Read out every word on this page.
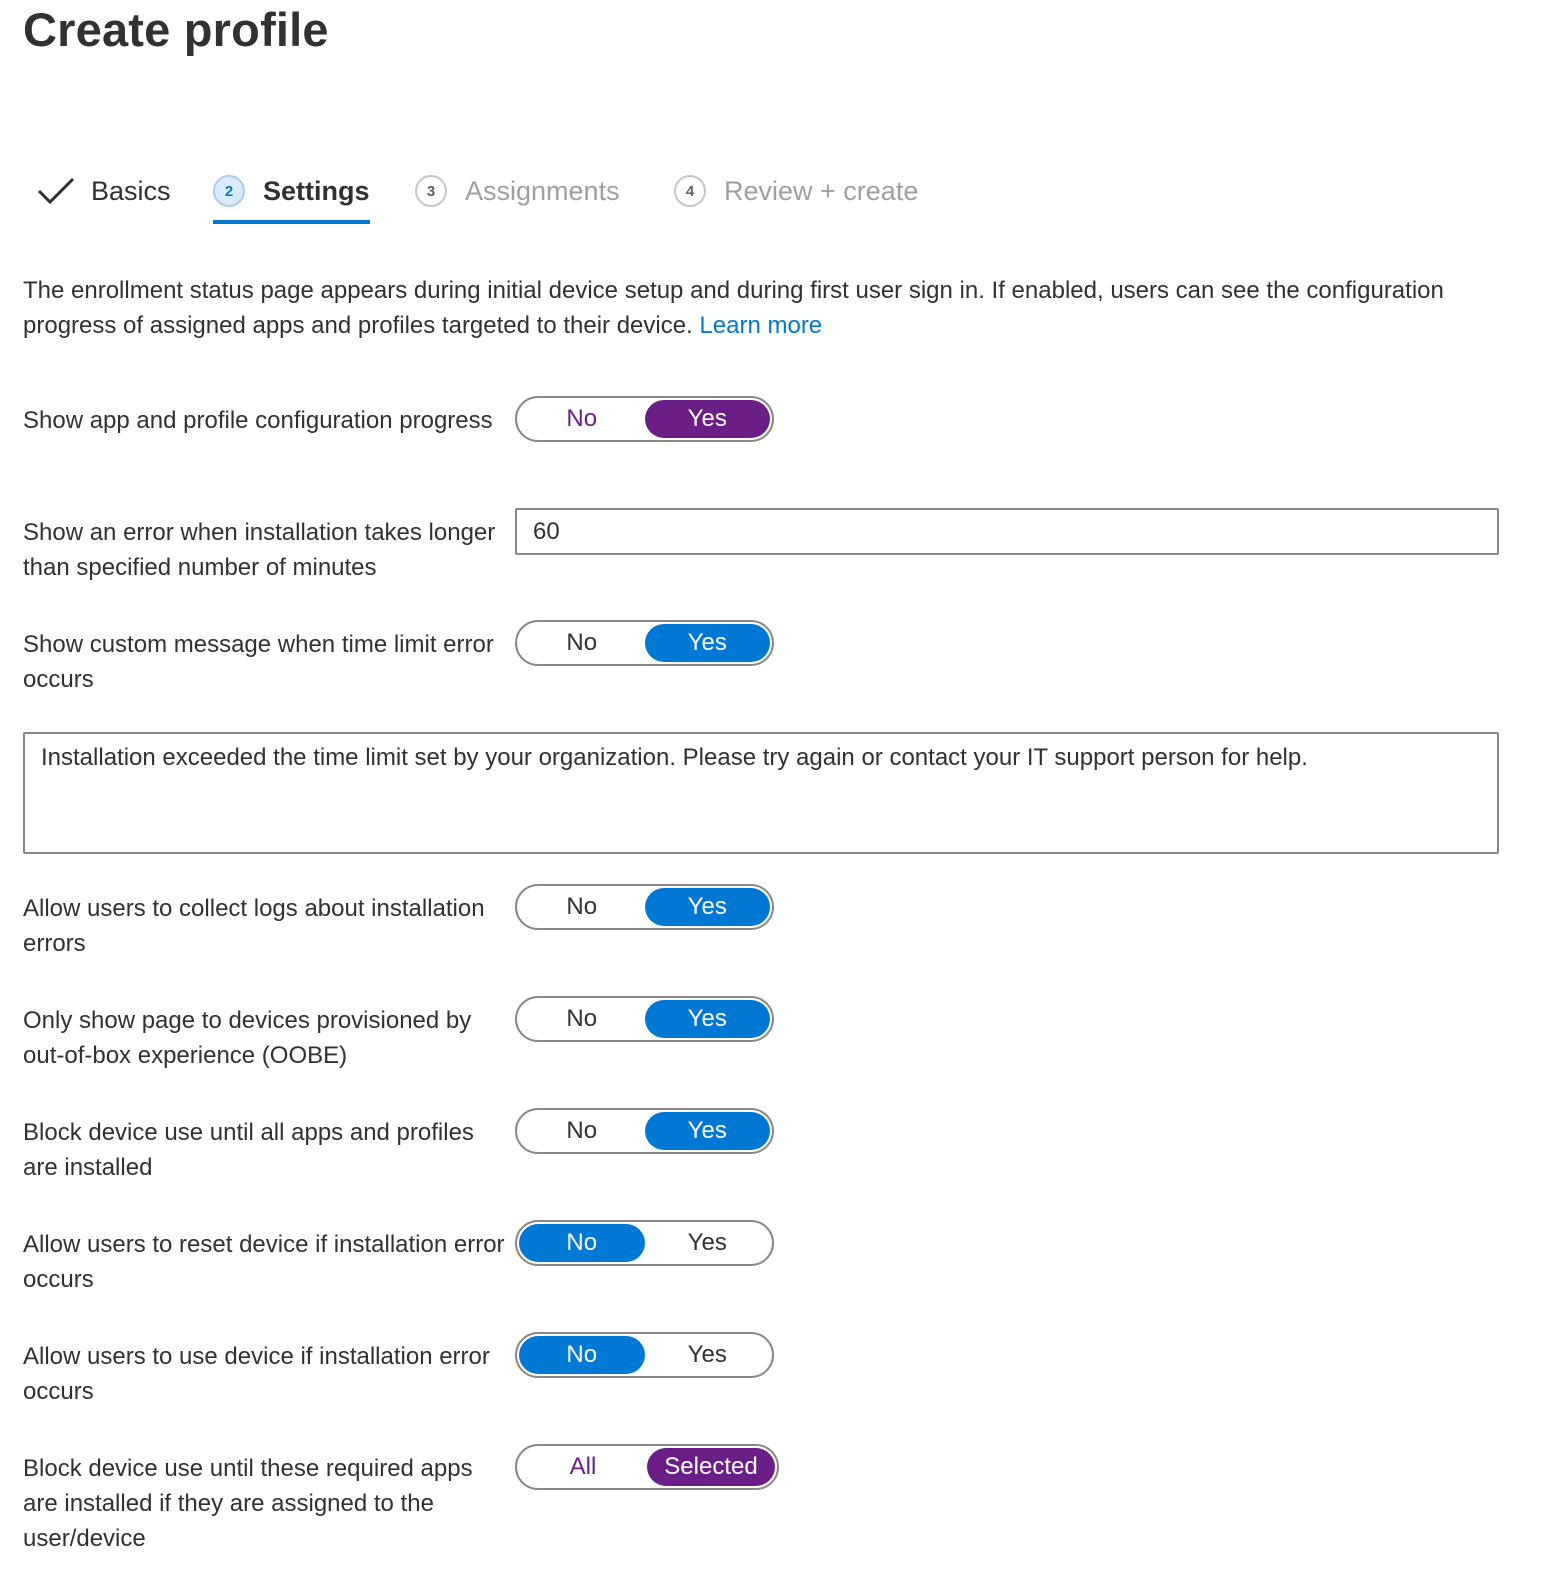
Create profile
Basics	2	Settings	3	Assignments	4	Review + create

The enrollment status page appears during initial device setup and during first user sign in. If enabled, users can see the configuration progress of assigned apps and profiles targeted to their device. Learn more

Show app and profile configuration progress	No	Yes

Show an error when installation takes longer than specified number of minutes

60

Show custom message when time limit error occurs

No	Yes
Installation exceeded the time limit set by your organization. Please try again or contact your IT support person for help.

Allow users to collect logs about installation errors

No	Yes

Only show page to devices provisioned by out-of-box experience (OOBE)

No	Yes

Block device use until all apps and profiles are installed

No	Yes

Allow users to reset device if installation error occurs

No	Yes

Allow users to use device if installation error occurs

No	Yes

Block device use until these required apps are installed if they are assigned to the user/device

All	Selected
